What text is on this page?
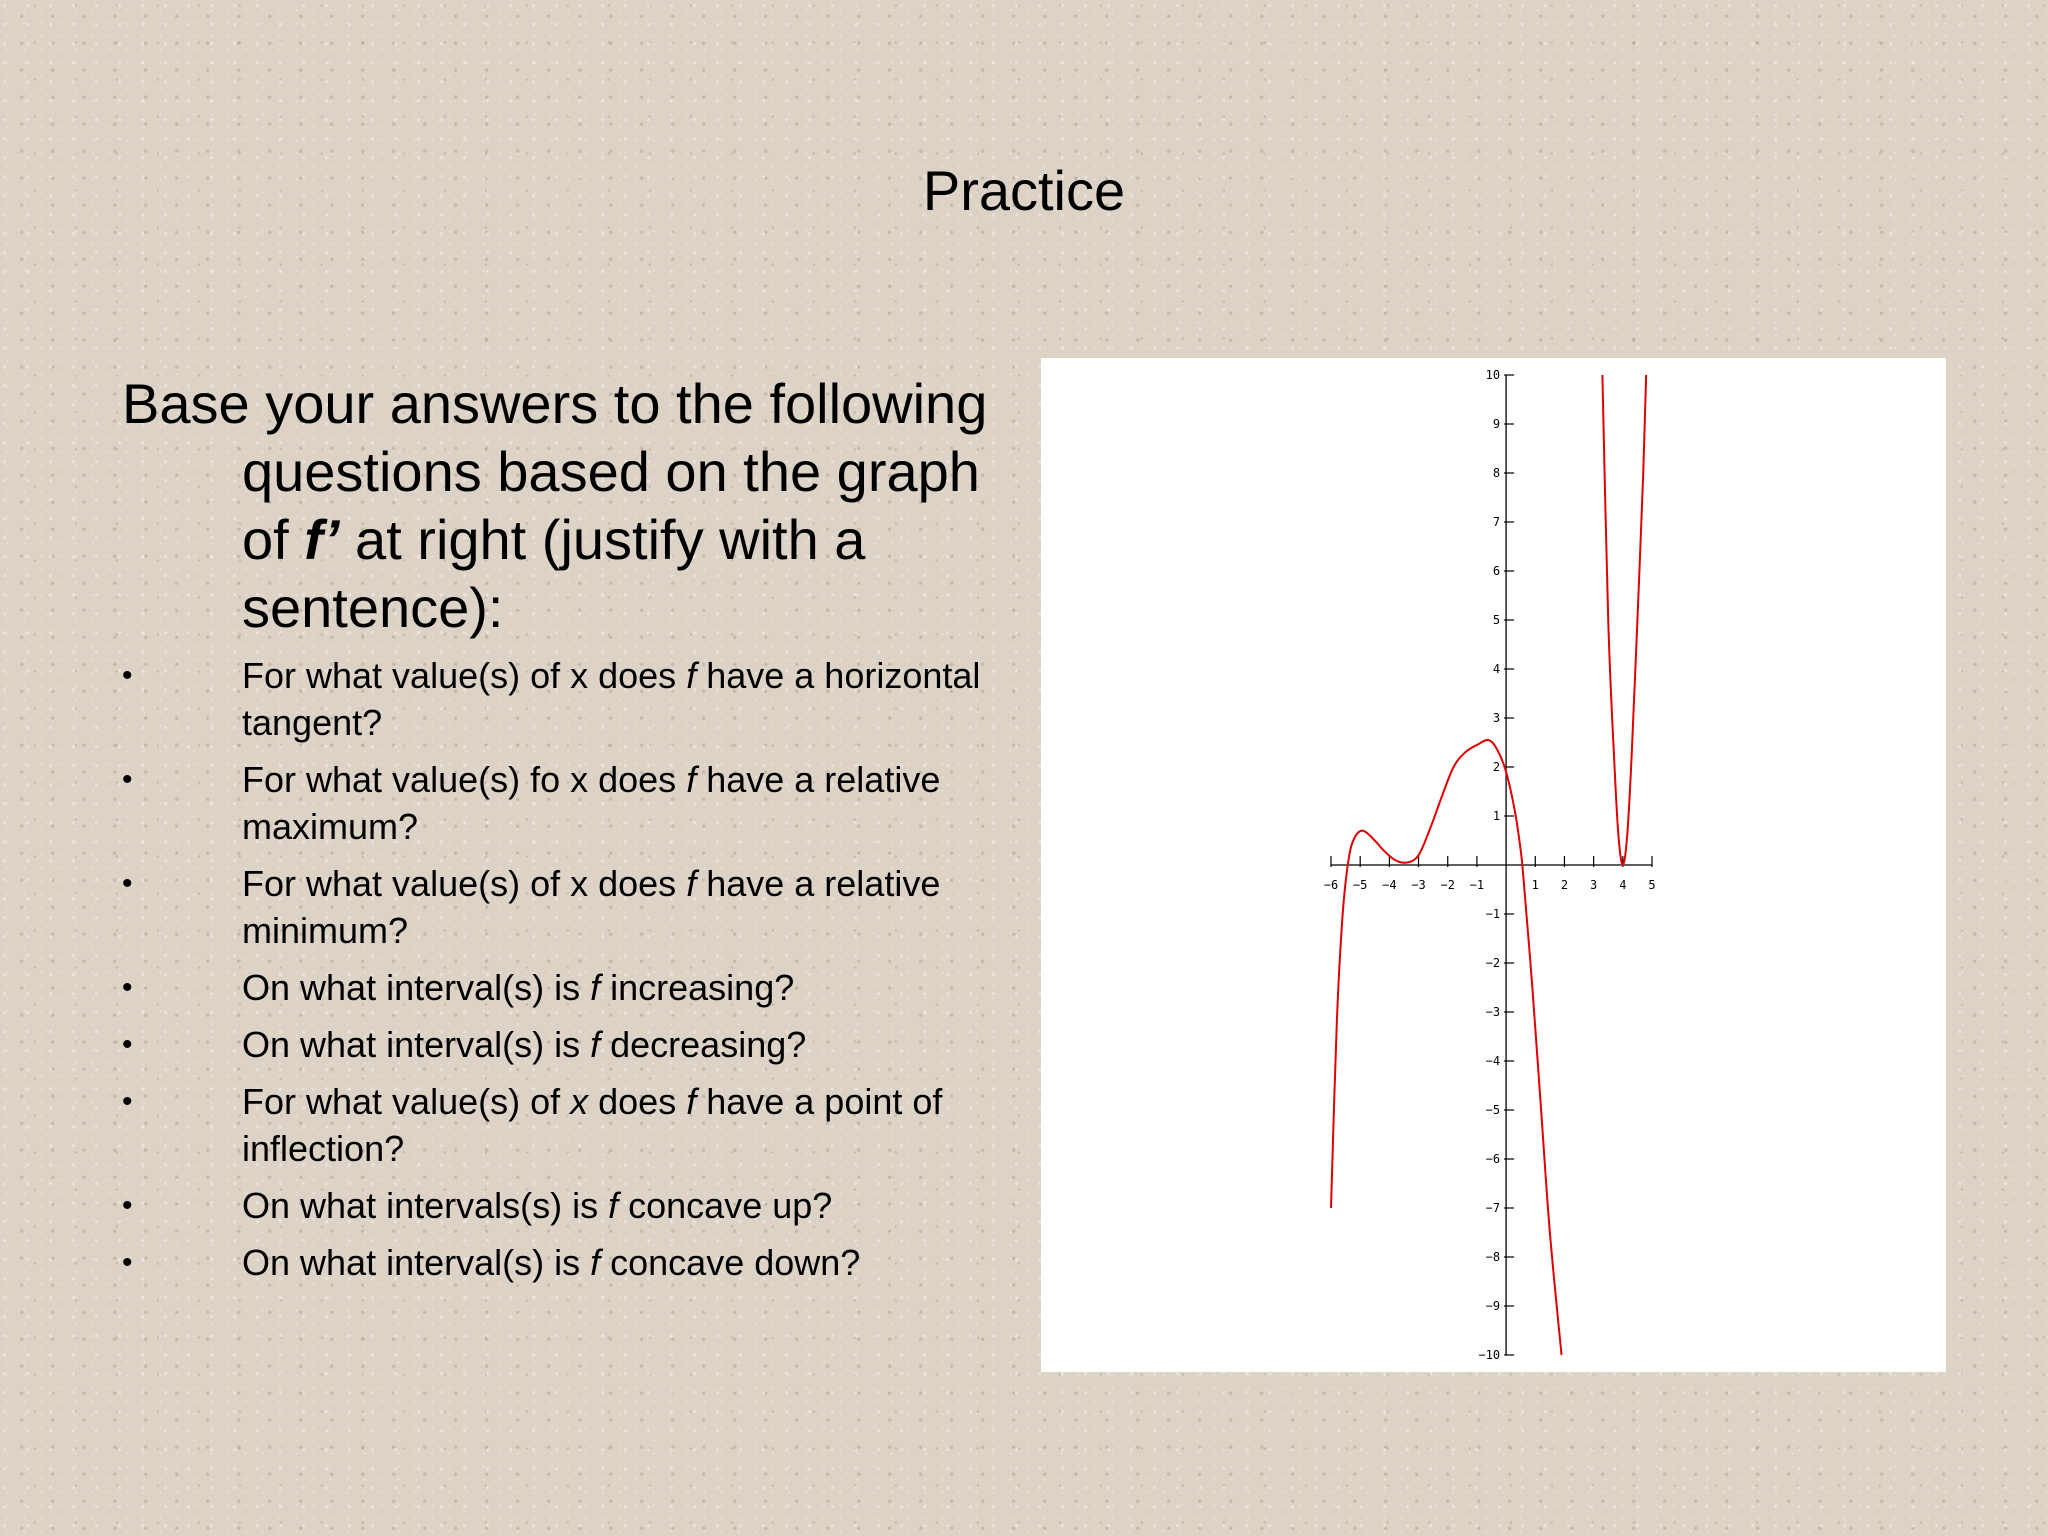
Practice

Base your answers to the following questions based on the graph of f’ at right (justify with a sentence):

•	For what value(s) of x does f have a horizontal tangent?
•	For what value(s) fo x does f have a relative maximum?
•	For what value(s) of x does f have a relative minimum?
•	On what interval(s) is f increasing?
•	On what interval(s) is f decreasing?
•	For what value(s) of x does f have a point of inflection?
•	On what intervals(s) is f concave up?
•	On what interval(s) is f concave down?
−6 −5 −4 −3 −2 −1	1 2 3 4 5
10
9
8
7
6
5
4
3
2
1
−1
−2
−3
−4
−5
−6
−7
−8
−9
−10
